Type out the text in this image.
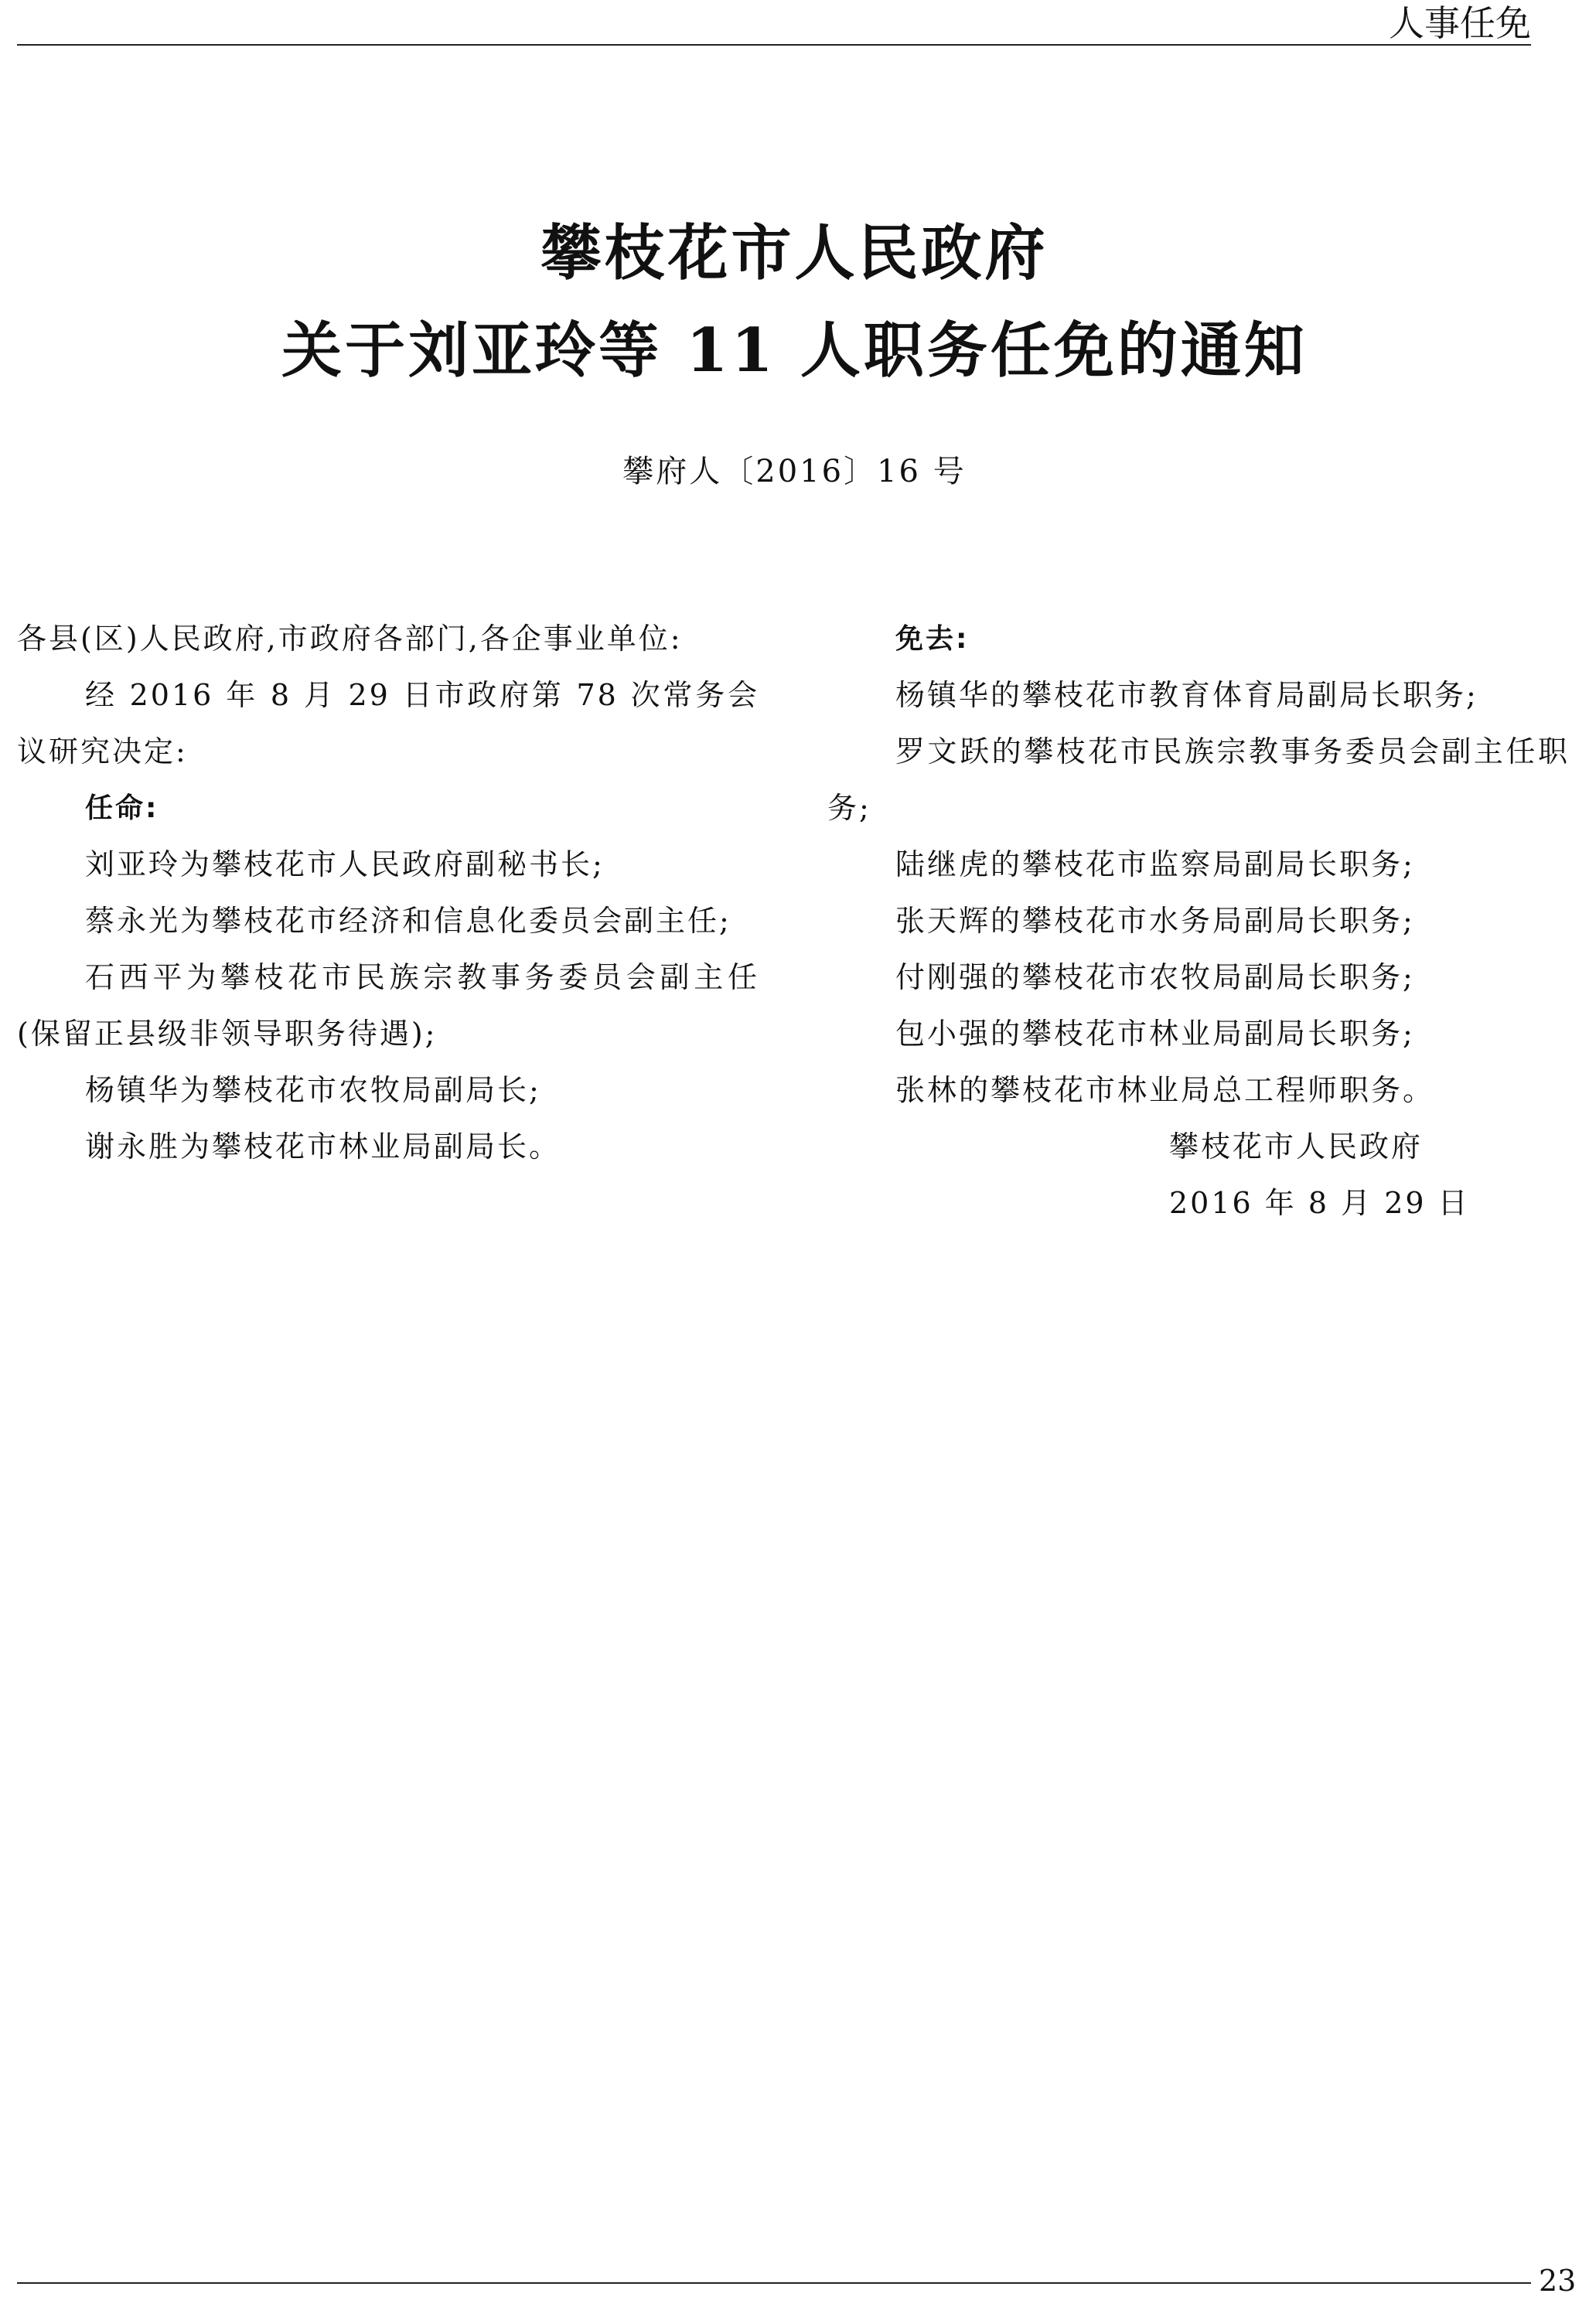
人事任免
攀枝花市人民政府
关于刘亚玲等 11 人职务任免的通知
攀府人〔2016〕16 号

各县(区)人民政府,市政府各部门,各企事业单位:

经 2016 年 8 月 29 日市政府第 78 次常务会议研究决定:

任命:

刘亚玲为攀枝花市人民政府副秘书长;

蔡永光为攀枝花市经济和信息化委员会副主任;

石西平为攀枝花市民族宗教事务委员会副主任(保留正县级非领导职务待遇);

杨镇华为攀枝花市农牧局副局长;

谢永胜为攀枝花市林业局副局长。

免去:

杨镇华的攀枝花市教育体育局副局长职务;

罗文跃的攀枝花市民族宗教事务委员会副主任职务;

陆继虎的攀枝花市监察局副局长职务;

张天辉的攀枝花市水务局副局长职务;

付刚强的攀枝花市农牧局副局长职务;

包小强的攀枝花市林业局副局长职务;

张林的攀枝花市林业局总工程师职务。

攀枝花市人民政府

2016 年 8 月 29 日

23
